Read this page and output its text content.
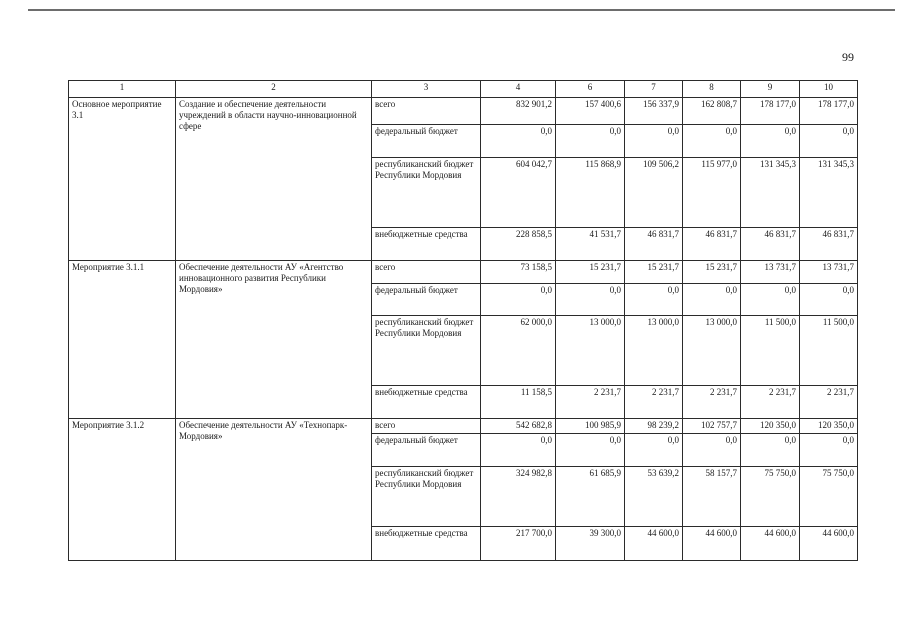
99
1	2	3	4	6	7	8	9	10
Основное мероприятие 3.1	Создание и обеспечение деятельности учреждений в области научно-инновационной сфере	всего	832 901,2	157 400,6	156 337,9	162 808,7	178 177,0	178 177,0
		федеральный бюджет	0,0	0,0	0,0	0,0	0,0	0,0
		республиканский бюджет Республики Мордовия	604 042,7	115 868,9	109 506,2	115 977,0	131 345,3	131 345,3
		внебюджетные средства	228 858,5	41 531,7	46 831,7	46 831,7	46 831,7	46 831,7
Мероприятие 3.1.1	Обеспечение деятельности АУ «Агентство инновационного развития Республики Мордовия»	всего	73 158,5	15 231,7	15 231,7	15 231,7	13 731,7	13 731,7
		федеральный бюджет	0,0	0,0	0,0	0,0	0,0	0,0
		республиканский бюджет Республики Мордовия	62 000,0	13 000,0	13 000,0	13 000,0	11 500,0	11 500,0
		внебюджетные средства	11 158,5	2 231,7	2 231,7	2 231,7	2 231,7	2 231,7
Мероприятие 3.1.2	Обеспечение деятельности АУ «Технопарк-Мордовия»	всего	542 682,8	100 985,9	98 239,2	102 757,7	120 350,0	120 350,0
		федеральный бюджет	0,0	0,0	0,0	0,0	0,0	0,0
		республиканский бюджет Республики Мордовия	324 982,8	61 685,9	53 639,2	58 157,7	75 750,0	75 750,0
		внебюджетные средства	217 700,0	39 300,0	44 600,0	44 600,0	44 600,0	44 600,0
